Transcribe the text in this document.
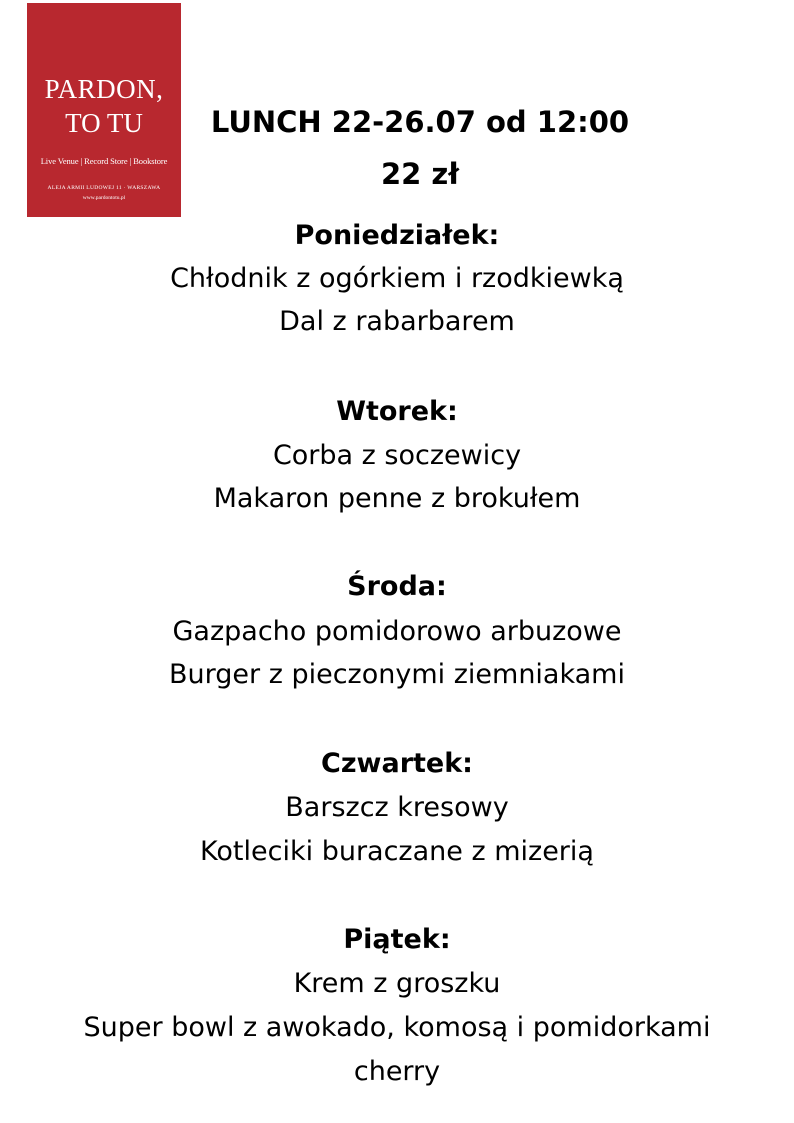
PARDON,
TO TU
Live Venue | Record Store | Bookstore
ALEJA ARMII LUDOWEJ 11 · WARSZAWA
www.pardontotu.pl
LUNCH 22-26.07 od 12:00
22 zł
Poniedziałek:
Chłodnik z ogórkiem i rzodkiewką
Dal z rabarbarem
Wtorek:
Corba z soczewicy
Makaron penne z brokułem
Środa:
Gazpacho pomidorowo arbuzowe
Burger z pieczonymi ziemniakami
Czwartek:
Barszcz kresowy
Kotleciki buraczane z mizerią
Piątek:
Krem z groszku
Super bowl z awokado, komosą i pomidorkami
cherry
